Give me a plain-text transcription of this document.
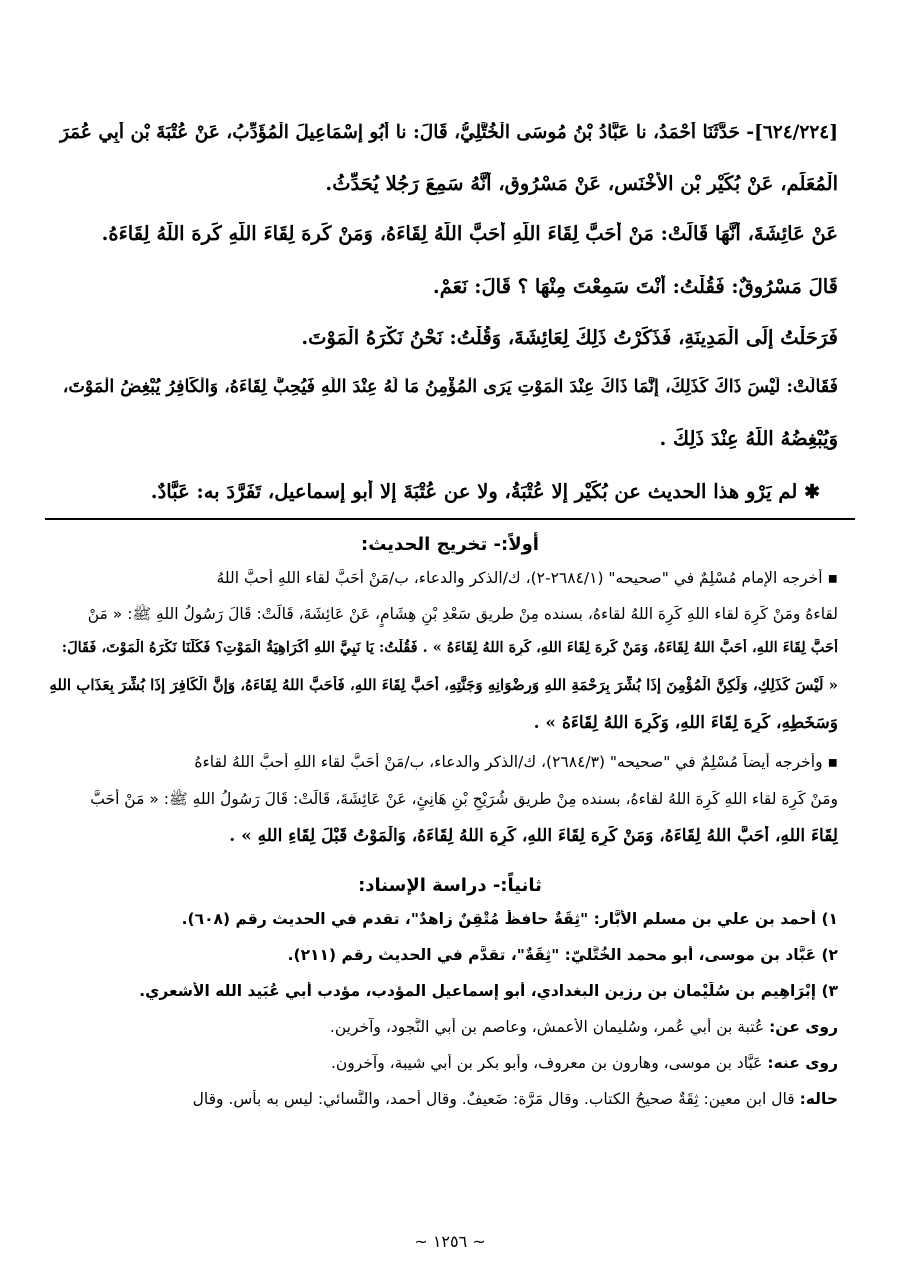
[٦٢٤/٢٢٤]- حَدَّثَنَا أَحْمَدُ، نا عَبَّادُ بْنُ مُوسَى الْخُتَّلِيُّ، قَالَ: نا أَبُو إِسْمَاعِيلَ الْمُؤَدِّبُ، عَنْ عُتْبَةَ بْنِ أَبِي عُمَرَ
الْمُعَلِّمِ، عَنْ بُكَيْرِ بْنِ الأَخْنَسِ، عَنْ مَسْرُوقٍ، أَنَّهُ سَمِعَ رَجُلا يُحَدِّثُ.
عَنْ عَائِشَةَ، أَنَّهَا قَالَتْ: مَنْ أَحَبَّ لِقَاءَ اللَّهِ أَحَبَّ اللَّهُ لِقَاءَهُ، وَمَنْ كَرِهَ لِقَاءَ اللَّهِ كَرِهَ اللَّهُ لِقَاءَهُ.
قَالَ مَسْرُوقٌ: فَقُلْتُ: أَنْتَ سَمِعْتَ مِنْهَا ؟ قَالَ: نَعَمْ.
فَرَحَلْتُ إِلَى الْمَدِينَةِ، فَذَكَرْتُ ذَلِكَ لِعَائِشَةَ، وَقُلْتُ: نَحْنُ نَكْرَهُ الْمَوْتَ.
فَقَالَتْ: لَيْسَ ذَاكَ كَذَلِكَ، إِنَّمَا ذَاكَ عِنْدَ الْمَوْتِ يَرَى الْمُؤْمِنُ مَا لَهُ عِنْدَ اللَّهِ فَيُحِبُّ لِقَاءَهُ، وَالْكَافِرُ يُبْغِضُ الْمَوْتَ،
وَيُبْغِضُهُ اللَّهُ عِنْدَ ذَلِكَ .
✱ لم يَرْوِ هذا الحديث عن بُكَيْرٍ إلا عُتْبَةُ، ولا عن عُتْبَةَ إلا أبو إسماعيل، تَفَرَّدَ به: عَبَّادٌ.
أولاً:- تخريج الحديث:
▪ أخرجه الإمام مُسْلِمٌ في "صحيحه" (٢٦٨٤/١-٢)، ك/الذكر والدعاء، ب/مَنْ أَحَبَّ لقاء اللهِ أحبَّ اللهُ
لقاءهُ ومَنْ كَرِهَ لقاء اللهِ كَرِهَ اللهُ لقاءهُ، بسنده مِنْ طريق سَعْدِ بْنِ هِشَامٍ، عَنْ عَائِشَةَ، قَالَتْ: قَالَ رَسُولُ اللهِ ﷺ: « مَنْ
أَحَبَّ لِقَاءَ اللهِ، أَحَبَّ اللهُ لِقَاءَهُ، وَمَنْ كَرِهَ لِقَاءَ اللهِ، كَرِهَ اللهُ لِقَاءَهُ » . فَقُلْتُ: يَا نَبِيَّ اللهِ أَكَرَاهِيَةُ الْمَوْتِ؟ فَكُلُّنَا نَكْرَهُ الْمَوْتَ، فَقَالَ:
« لَيْسَ كَذَلِكِ، وَلَكِنَّ الْمُؤْمِنَ إِذَا بُشِّرَ بِرَحْمَةِ اللهِ وَرِضْوَانِهِ وَجَنَّتِهِ، أَحَبَّ لِقَاءَ اللهِ، فَأَحَبَّ اللهُ لِقَاءَهُ، وَإِنَّ الْكَافِرَ إِذَا بُشِّرَ بِعَذَابِ اللهِ
وَسَخَطِهِ، كَرِهَ لِقَاءَ اللهِ، وَكَرِهَ اللهُ لِقَاءَهُ » .
▪ وأخرجه أيضاً مُسْلِمٌ في "صحيحه" (٢٦٨٤/٣)، ك/الذكر والدعاء، ب/مَنْ أَحَبَّ لقاء اللهِ أحبَّ اللهُ لقاءهُ
ومَنْ كَرِهَ لقاء اللهِ كَرِهَ اللهُ لقاءهُ، بسنده مِنْ طريق شُرَيْحِ بْنِ هَانِئٍ، عَنْ عَائِشَةَ، قَالَتْ: قَالَ رَسُولُ اللهِ ﷺ: « مَنْ أَحَبَّ
لِقَاءَ اللهِ، أَحَبَّ اللهُ لِقَاءَهُ، وَمَنْ كَرِهَ لِقَاءَ اللهِ، كَرِهَ اللهُ لِقَاءَهُ، وَالْمَوْتُ قَبْلَ لِقَاءِ اللهِ » .
ثانياً:- دراسة الإسناد:
١) أحمد بن علي بن مسلم الأَبَّار: "ثِقَةٌ حافظٌ مُتْقِنٌ زاهدٌ"، تقدم في الحديث رقم (٦٠٨).
٢) عَبَّاد بن موسى، أبو محمد الخُتَّليّ: "ثِقَةٌ"، تقدَّم في الحديث رقم (٢١١).
٣) إِبْرَاهِيم بن سُلَيْمان بن رزين البغدادي، أبو إسماعيل المؤدب، مؤدب أبي عُبَيد الله الأشعري.
روى عن: عُتبة بن أبي عُمر، وسُليمان الأعمش، وعاصم بن أبي النَّجود، وآخرين.
روى عنه: عَبَّاد بن موسى، وهارون بن معروف، وأبو بكر بن أبي شيبة، وآخرون.
حاله: قال ابن معين: ثِقَةٌ صحيحُ الكتاب. وقال مَرَّة: ضَعيفٌ. وقال أحمد، والنَّسائي: ليس به بأس. وقال
~ ١٢٥٦ ~
